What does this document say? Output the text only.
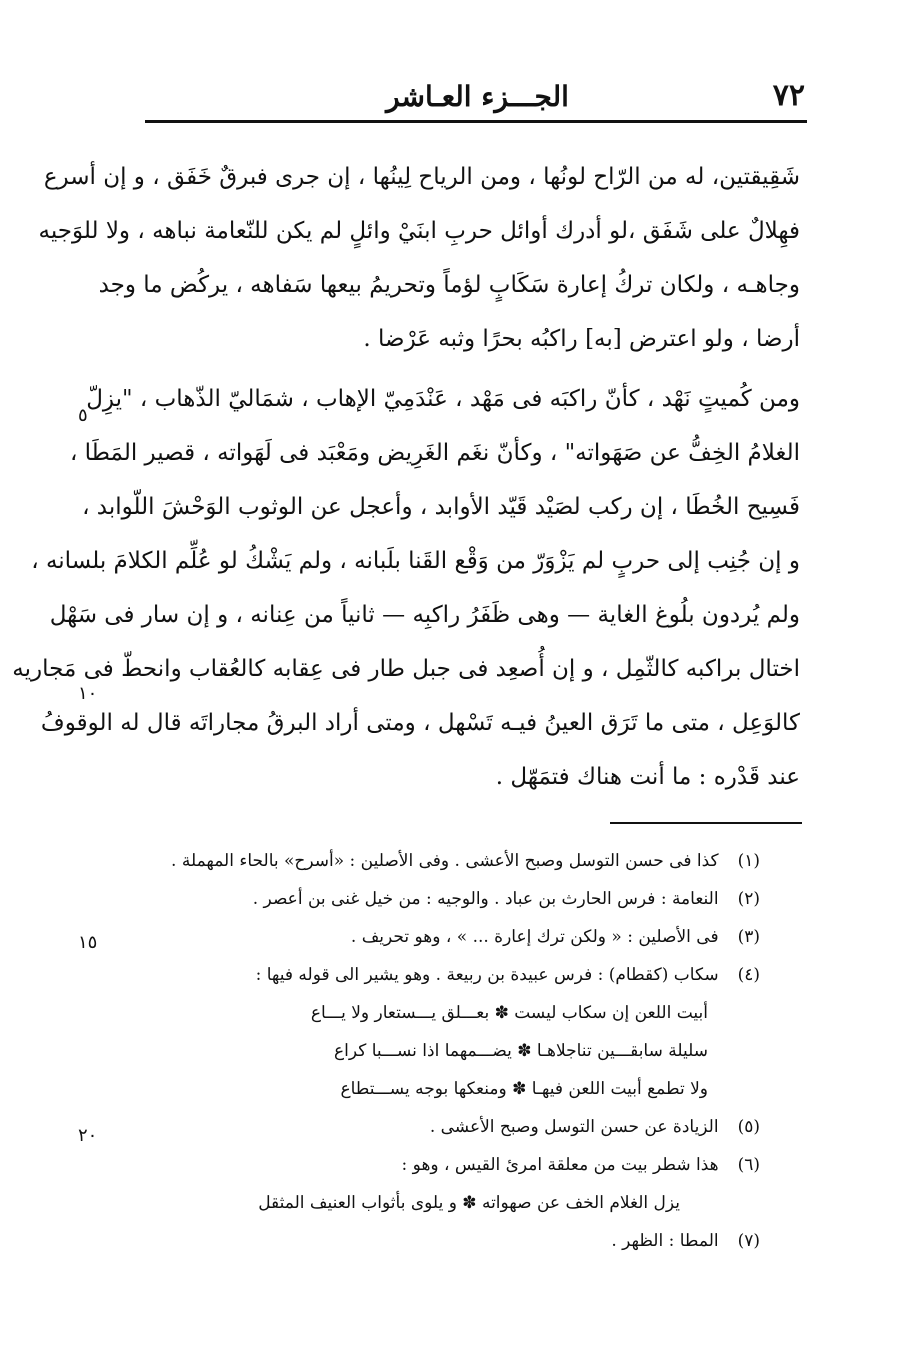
٧٢
الجـــزء العـاشر

شَقِيقتين، له من الرّاح لونُها ، ومن الرياح لِينُها ، إن جرى فبرقٌ خَفَق ، و إن أسرع

فهِلالٌ على شَفَق ،لو أدرك أوائل حربِ ابنَيْ وائلٍ لم يكن للنّعامة نباهه ، ولا للوَجيه

وجاهـه ، ولكان تركُ إعارة سَكَابٍ لؤماً وتحريمُ بيعها سَفاهه ، يركُض ما وجد

أرضا ، ولو اعترض [به] راكبُه بحرًا وثبه عَرْضا .

ومن كُميتٍ نَهْد ، كأنّ راكبَه فى مَهْد ، عَنْدَمِيّ الإهاب ، شمَاليّ الذّهاب ، "يزِلّ

الغلامُ الخِفُّ عن صَهَواته" ، وكأنّ نغَم الغَرِيض ومَعْبَد فى لَهَواته ، قصير المَطَا ،

فَسِيح الخُطَا ، إن ركب لصَيْد قَيّد الأوابد ، وأعجل عن الوثوب الوَحْشَ اللّوابد ،

و إن جُنِب إلى حربٍ لم يَزْوَرّ من وَقْع القَنا بلَبانه ، ولم يَشْكُ لو عُلِّم الكلامَ بلسانه ،

ولم يُردون بلُوغ الغاية — وهى ظَفَرُ راكبِه — ثانياً من عِنانه ، و إن سار فى سَهْل

اختال براكبه كالثّمِل ، و إن أُصعِد فى جبل طار فى عِقابه كالعُقاب وانحطّ فى مَجاريه

كالوَعِل ، متى ما تَرَق العينُ فيـه تَسْهل ، ومتى أراد البرقُ مجاراتَه قال له الوقوفُ

عند قَدْره : ما أنت هناك فتمَهّل .

٥
١٠
١٥
٢٠

(١) كذا فى حسن التوسل وصبح الأعشى . وفى الأصلين : «أسرح» بالحاء المهملة .

(٢) النعامة : فرس الحارث بن عباد . والوجيه : من خيل غنى بن أعصر .

(٣) فى الأصلين : « ولكن ترك إعارة ... » ، وهو تحريف .

(٤) سكاب (كقطام) : فرس عبيدة بن ربيعة . وهو يشير الى قوله فيها :

أبيت اللعن إن سكاب ليست ✽ بعـــلق يـــستعار ولا يـــاع

سليلة سابقـــين تناجلاهـا ✽ يضـــمهما اذا نســـبا كراع

ولا تطمع أبيت اللعن فيهـا ✽ ومنعكها بوجه يســـتطاع

(٥) الزيادة عن حسن التوسل وصبح الأعشى .

(٦) هذا شطر بيت من معلقة امرئ القيس ، وهو :

يزل الغلام الخف عن صهواته ✽ و يلوى بأثواب العنيف المثقل

(٧) المطا : الظهر .
